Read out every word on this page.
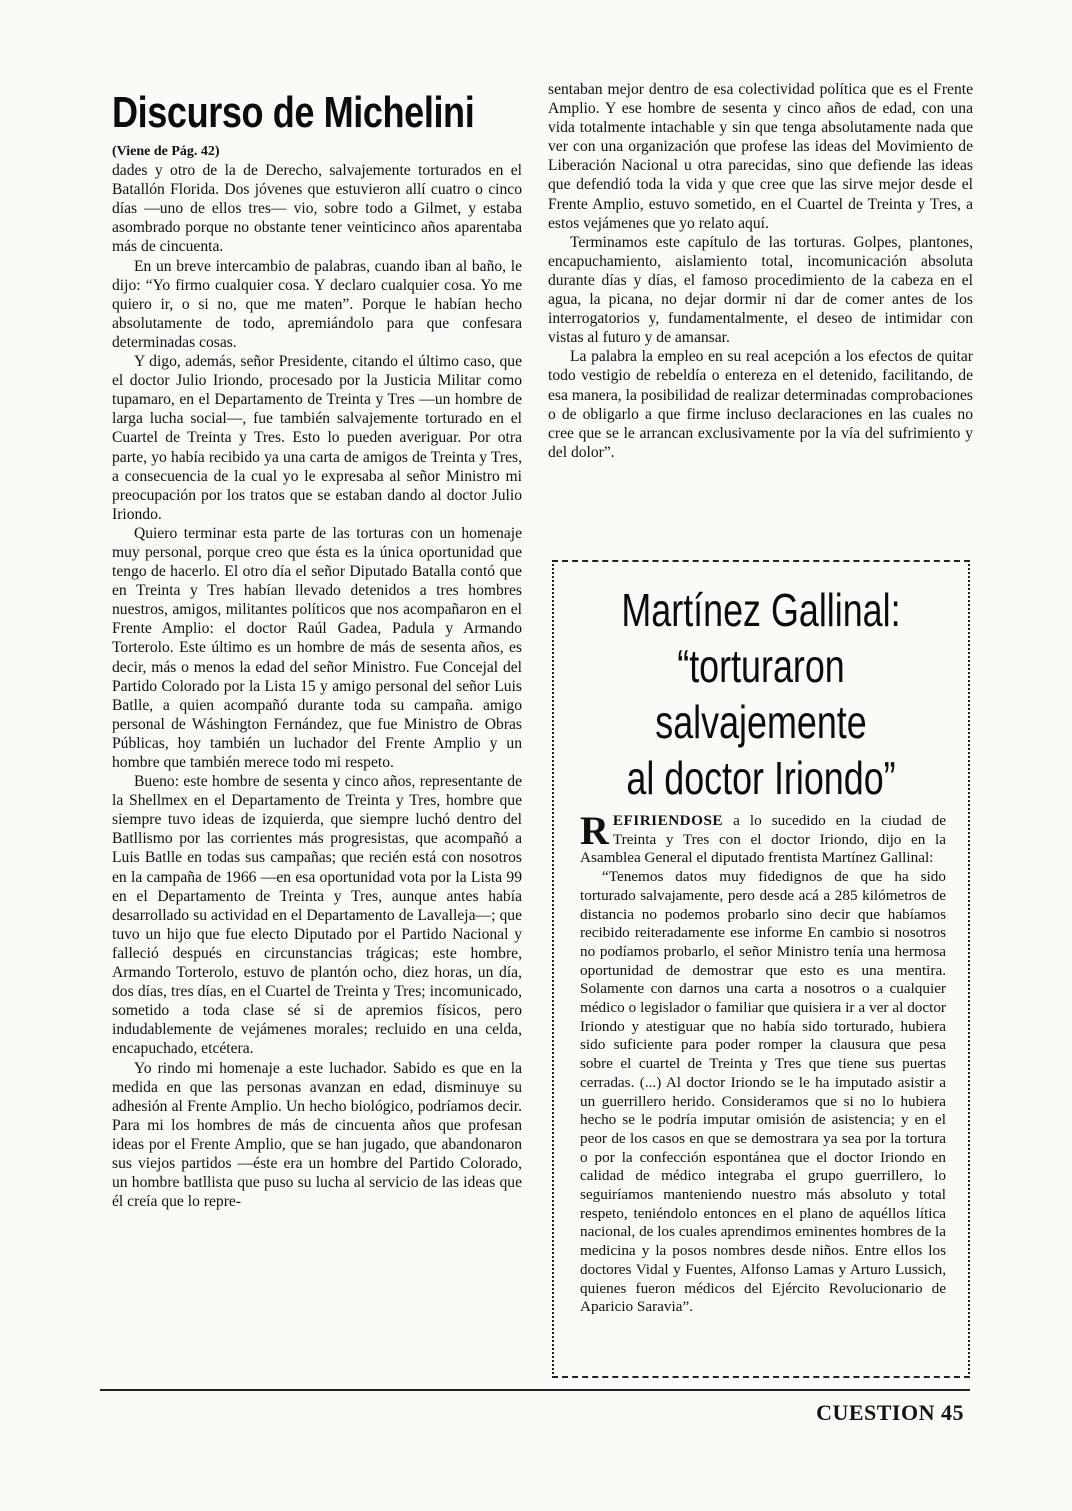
Discurso de Michelini

(Viene de Pág. 42)

dades y otro de la de Derecho, salvajemente torturados en el Batallón Florida. Dos jóvenes que estuvieron allí cuatro o cinco días —uno de ellos tres— vio, sobre todo a Gilmet, y estaba asombrado porque no obstante tener veinticinco años aparentaba más de cincuenta.

En un breve intercambio de palabras, cuando iban al baño, le dijo: “Yo firmo cualquier cosa. Y declaro cualquier cosa. Yo me quiero ir, o si no, que me maten”. Porque le habían hecho absolutamente de todo, apremiándolo para que confesara determinadas cosas.

Y digo, además, señor Presidente, citando el último caso, que el doctor Julio Iriondo, procesado por la Justicia Militar como tupamaro, en el Departamento de Treinta y Tres —un hombre de larga lucha social—, fue también salvajemente torturado en el Cuartel de Treinta y Tres. Esto lo pueden averiguar. Por otra parte, yo había recibido ya una carta de amigos de Treinta y Tres, a consecuencia de la cual yo le expresaba al señor Ministro mi preocupación por los tratos que se estaban dando al doctor Julio Iriondo.

Quiero terminar esta parte de las torturas con un homenaje muy personal, porque creo que ésta es la única oportunidad que tengo de hacerlo. El otro día el señor Diputado Batalla contó que en Treinta y Tres habían llevado detenidos a tres hombres nuestros, amigos, militantes políticos que nos acompañaron en el Frente Amplio: el doctor Raúl Gadea, Padula y Armando Torterolo. Este último es un hombre de más de sesenta años, es decir, más o menos la edad del señor Ministro. Fue Concejal del Partido Colorado por la Lista 15 y amigo personal del señor Luis Batlle, a quien acompañó durante toda su campaña. amigo personal de Wáshington Fernández, que fue Ministro de Obras Públicas, hoy también un luchador del Frente Amplio y un hombre que también merece todo mi respeto.

Bueno: este hombre de sesenta y cinco años, representante de la Shellmex en el Departamento de Treinta y Tres, hombre que siempre tuvo ideas de izquierda, que siempre luchó dentro del Batllismo por las corrientes más progresistas, que acompañó a Luis Batlle en todas sus campañas; que recién está con nosotros en la campaña de 1966 —en esa oportunidad vota por la Lista 99 en el Departamento de Treinta y Tres, aunque antes había desarrollado su actividad en el Departamento de Lavalleja—; que tuvo un hijo que fue electo Diputado por el Partido Nacional y falleció después en circunstancias trágicas; este hombre, Armando Torterolo, estuvo de plantón ocho, diez horas, un día, dos días, tres días, en el Cuartel de Treinta y Tres; incomunicado, sometido a toda clase sé si de apremios físicos, pero indudablemente de vejámenes morales; recluido en una celda, encapuchado, etcétera.

Yo rindo mi homenaje a este luchador. Sabido es que en la medida en que las personas avanzan en edad, disminuye su adhesión al Frente Amplio. Un hecho biológico, podríamos decir. Para mi los hombres de más de cincuenta años que profesan ideas por el Frente Amplio, que se han jugado, que abandonaron sus viejos partidos —éste era un hombre del Partido Colorado, un hombre batllista que puso su lucha al servicio de las ideas que él creía que lo repre-

sentaban mejor dentro de esa colectividad política que es el Frente Amplio. Y ese hombre de sesenta y cinco años de edad, con una vida totalmente intachable y sin que tenga absolutamente nada que ver con una organización que profese las ideas del Movimiento de Liberación Nacional u otra parecidas, sino que defiende las ideas que defendió toda la vida y que cree que las sirve mejor desde el Frente Amplio, estuvo sometido, en el Cuartel de Treinta y Tres, a estos vejámenes que yo relato aquí.

Terminamos este capítulo de las torturas. Golpes, plantones, encapuchamiento, aislamiento total, incomunicación absoluta durante días y días, el famoso procedimiento de la cabeza en el agua, la picana, no dejar dormir ni dar de comer antes de los interrogatorios y, fundamentalmente, el deseo de intimidar con vistas al futuro y de amansar.

La palabra la empleo en su real acepción a los efectos de quitar todo vestigio de rebeldía o entereza en el detenido, facilitando, de esa manera, la posibilidad de realizar determinadas comprobaciones o de obligarlo a que firme incluso declaraciones en las cuales no cree que se le arrancan exclusivamente por la vía del sufrimiento y del dolor”.

Martínez Gallinal:
“torturaron salvajemente
al doctor Iriondo”

REFIRIENDOSE a lo sucedido en la ciudad de Treinta y Tres con el doctor Iriondo, dijo en la Asamblea General el diputado frentista Martínez Gallinal:

“Tenemos datos muy fidedignos de que ha sido torturado salvajamente, pero desde acá a 285 kilómetros de distancia no podemos probarlo sino decir que habíamos recibido reiteradamente ese informe En cambio si nosotros no podíamos probarlo, el señor Ministro tenía una hermosa oportunidad de demostrar que esto es una mentira. Solamente con darnos una carta a nosotros o a cualquier médico o legislador o familiar que quisiera ir a ver al doctor Iriondo y atestiguar que no había sido torturado, hubiera sido suficiente para poder romper la clausura que pesa sobre el cuartel de Treinta y Tres que tiene sus puertas cerradas. (...) Al doctor Iriondo se le ha imputado asistir a un guerrillero herido. Consideramos que si no lo hubiera hecho se le podría imputar omisión de asistencia; y en el peor de los casos en que se demostrara ya sea por la tortura o por la confección espontánea que el doctor Iriondo en calidad de médico integraba el grupo guerrillero, lo seguiríamos manteniendo nuestro más absoluto y total respeto, teniéndolo entonces en el plano de aquéllos lítica nacional, de los cuales aprendimos eminentes hombres de la medicina y la posos nombres desde niños. Entre ellos los doctores Vidal y Fuentes, Alfonso Lamas y Arturo Lussich, quienes fueron médicos del Ejército Revolucionario de Aparicio Saravia”.

CUESTION 45
